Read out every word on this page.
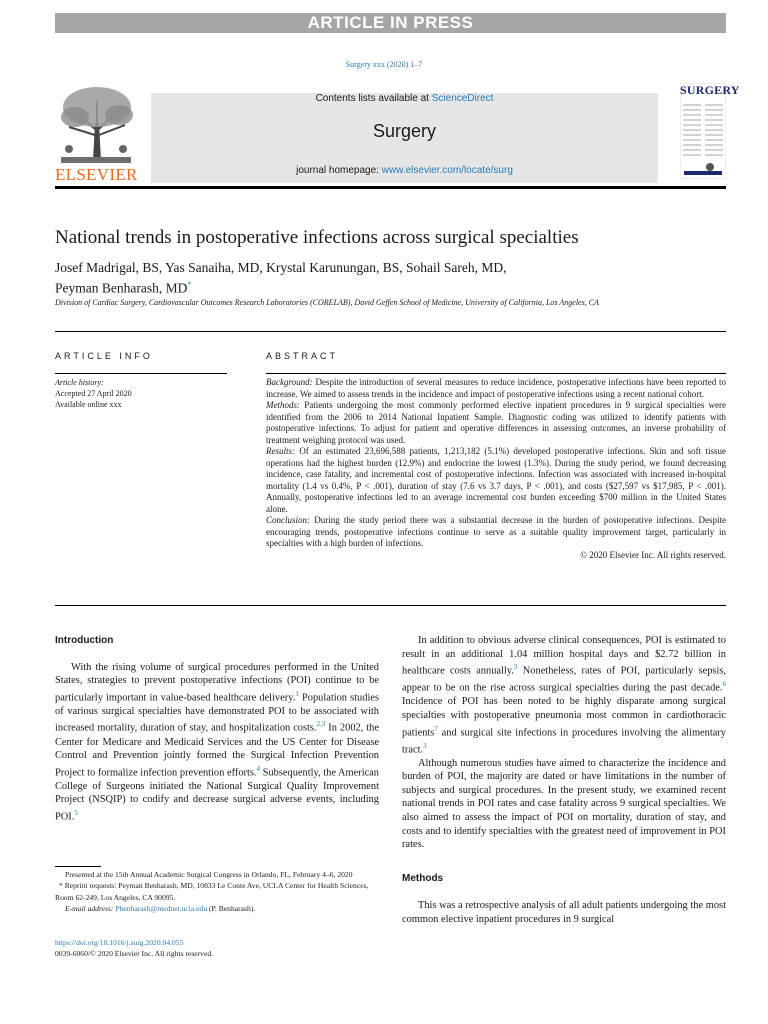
ARTICLE IN PRESS
Surgery xxx (2020) 1–7
ELSEVIER
Contents lists available at ScienceDirect
Surgery
journal homepage: www.elsevier.com/locate/surg
SURGERY
National trends in postoperative infections across surgical specialties
Josef Madrigal, BS, Yas Sanaiha, MD, Krystal Karunungan, BS, Sohail Sareh, MD,
Peyman Benharash, MD*
Division of Cardiac Surgery, Cardiovascular Outcomes Research Laboratories (CORELAB), David Geffen School of Medicine, University of California, Los Angeles, CA
ARTICLE INFO	ABSTRACT
Article history:
Accepted 27 April 2020
Available online xxx

Background: Despite the introduction of several measures to reduce incidence, postoperative infections have been reported to increase. We aimed to assess trends in the incidence and impact of postoperative infections using a recent national cohort.

Methods: Patients undergoing the most commonly performed elective inpatient procedures in 9 surgical specialties were identified from the 2006 to 2014 National Inpatient Sample. Diagnostic coding was utilized to identify patients with postoperative infections. To adjust for patient and operative differences in assessing outcomes, an inverse probability of treatment weighing protocol was used.

Results: Of an estimated 23,696,588 patients, 1,213,182 (5.1%) developed postoperative infections. Skin and soft tissue operations had the highest burden (12.9%) and endocrine the lowest (1.3%). During the study period, we found decreasing incidence, case fatality, and incremental cost of postoperative infections. Infection was associated with increased in-hospital mortality (1.4 vs 0.4%, P < .001), duration of stay (7.6 vs 3.7 days, P < .001), and costs ($27,597 vs $17,985, P < .001). Annually, postoperative infections led to an average incremental cost burden exceeding $700 million in the United States alone.

Conclusion: During the study period there was a substantial decrease in the burden of postoperative infections. Despite encouraging trends, postoperative infections continue to serve as a suitable quality improvement target, particularly in specialties with a high burden of infections.

© 2020 Elsevier Inc. All rights reserved.

Introduction

With the rising volume of surgical procedures performed in the United States, strategies to prevent postoperative infections (POI) continue to be particularly important in value-based healthcare delivery.$^1$ Population studies of various surgical specialties have demonstrated POI to be associated with increased mortality, duration of stay, and hospitalization costs.$^{2,3}$ In 2002, the Center for Medicare and Medicaid Services and the US Center for Disease Control and Prevention jointly formed the Surgical Infection Prevention Project to formalize infection prevention efforts.$^4$ Subsequently, the American College of Surgeons initiated the National Surgical Quality Improvement Project (NSQIP) to codify and decrease surgical adverse events, including POI.$^5$

In addition to obvious adverse clinical consequences, POI is estimated to result in an additional 1.04 million hospital days and $2.72 billion in healthcare costs annually.$^3$ Nonetheless, rates of POI, particularly sepsis, appear to be on the rise across surgical specialties during the past decade.$^6$ Incidence of POI has been noted to be highly disparate among surgical specialties with postoperative pneumonia most common in cardiothoracic patients$^7$ and surgical site infections in procedures involving the alimentary tract.$^3$

Although numerous studies have aimed to characterize the incidence and burden of POI, the majority are dated or have limitations in the number of subjects and surgical procedures. In the present study, we examined recent national trends in POI rates and case fatality across 9 surgical specialties. We also aimed to assess the impact of POI on mortality, duration of stay, and costs and to identify specialties with the greatest need of improvement in POI rates.

Presented at the 15th Annual Academic Surgical Congress in Orlando, FL, February 4–6, 2020

* Reprint requests: Peyman Benharash, MD, 10833 Le Conte Ave, UCLA Center for Health Sciences, Room 62-249, Los Angeles, CA 90095.

E-mail address: Pbenharash@mednet.ucla.edu (P. Benharash).

https://doi.org/10.1016/j.surg.2020.04.055
0039-6060/© 2020 Elsevier Inc. All rights reserved.
Methods
This was a retrospective analysis of all adult patients undergoing the most common elective inpatient procedures in 9 surgical
